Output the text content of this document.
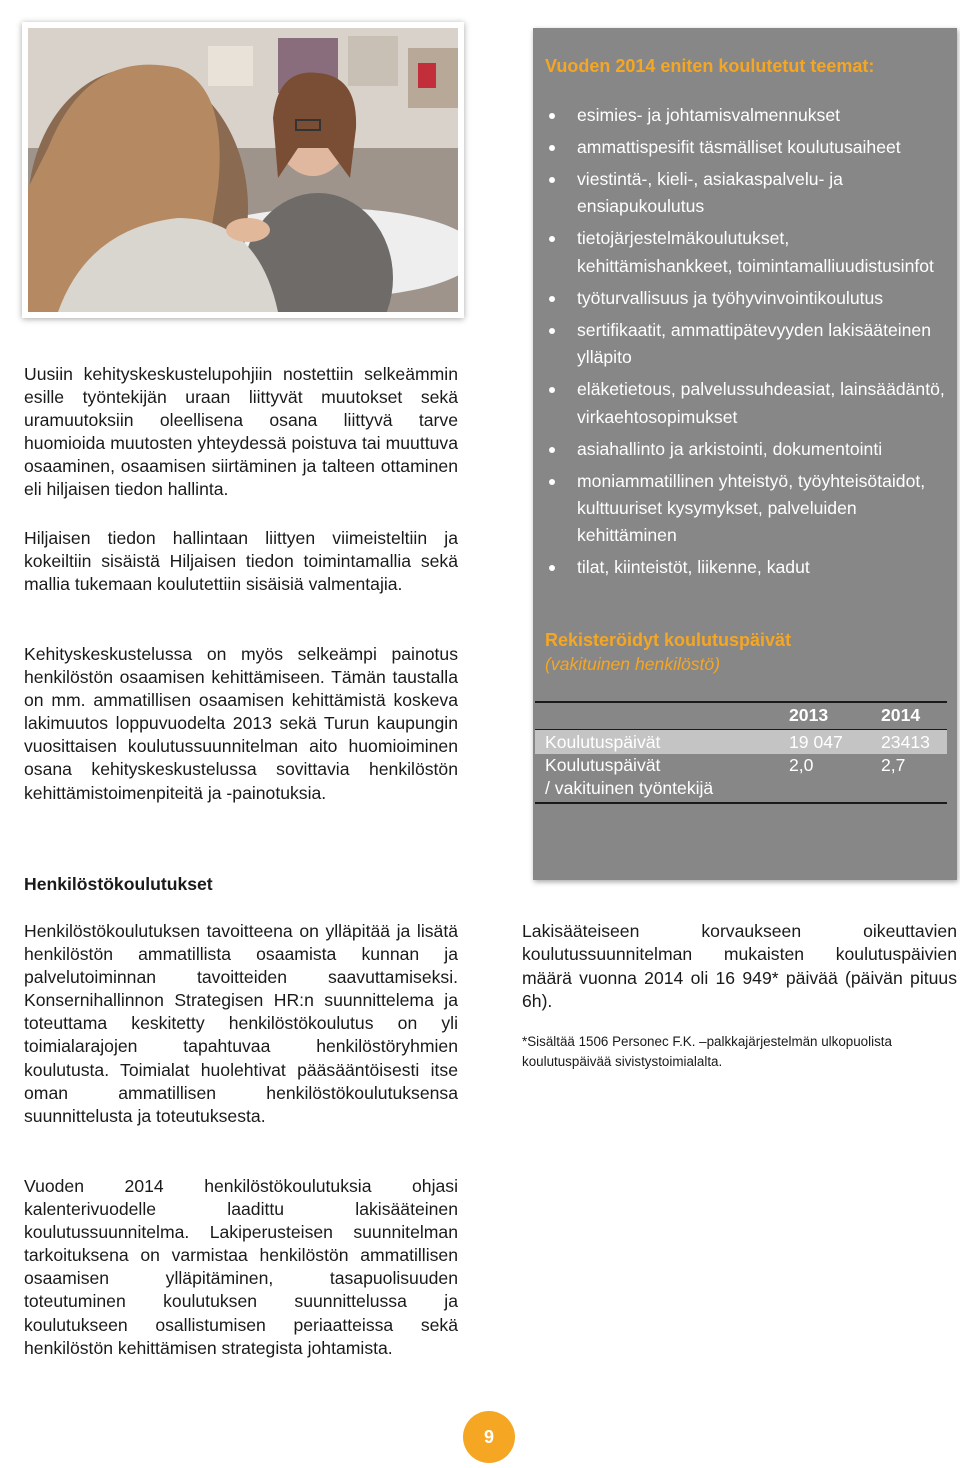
Uusiin kehityskeskustelupohjiin nostettiin selkeämmin esille työntekijän uraan liittyvät muutokset sekä uramuutoksiin oleellisena osana liittyvä tarve huomioida muutosten yhteydessä poistuva tai muuttuva osaaminen, osaamisen siirtäminen ja talteen ottaminen eli hiljaisen tiedon hallinta.

Hiljaisen tiedon hallintaan liittyen viimeisteltiin ja kokeiltiin sisäistä Hiljaisen tiedon toimintamallia sekä mallia tukemaan koulutettiin sisäisiä valmentajia.

Kehityskeskustelussa on myös selkeämpi painotus henkilöstön osaamisen kehittämiseen. Tämän taustalla on mm. ammatillisen osaamisen kehittämistä koskeva lakimuutos loppuvuodelta 2013 sekä Turun kaupungin vuosittaisen koulutussuunnitelman aito huomioiminen osana kehityskeskustelussa sovittavia henkilöstön kehittämistoimenpiteitä ja -painotuksia.

Henkilöstökoulutukset

Henkilöstökoulutuksen tavoitteena on ylläpitää ja lisätä henkilöstön ammatillista osaamista kunnan ja palvelutoiminnan tavoitteiden saavuttamiseksi. Konsernihallinnon Strategisen HR:n suunnittelema ja toteuttama keskitetty henkilöstökoulutus on yli toimialarajojen tapahtuvaa henkilöstöryhmien koulutusta. Toimialat huolehtivat pääsääntöisesti itse oman ammatillisen henkilöstökoulutuksensa suunnittelusta ja toteutuksesta.

Vuoden 2014 henkilöstökoulutuksia ohjasi kalenterivuodelle laadittu lakisääteinen koulutussuunnitelma. Lakiperusteisen suunnitelman tarkoituksena on varmistaa henkilöstön ammatillisen osaamisen ylläpitäminen, tasapuolisuuden toteutuminen koulutuksen suunnittelussa ja koulutukseen osallistumisen periaatteissa sekä henkilöstön kehittämisen strategista johtamista.

Vuoden 2014 eniten koulutetut teemat:
esimies- ja johtamisvalmennukset
ammattispesifit täsmälliset koulutusaiheet
viestintä-, kieli-, asiakaspalvelu- ja ensiapukoulutus
tietojärjestelmäkoulutukset, kehittämishankkeet, toimintamalliuudistusinfot
työturvallisuus ja työhyvinvointikoulutus
sertifikaatit, ammattipätevyyden lakisääteinen ylläpito
eläketietous, palvelussuhdeasiat, lainsäädäntö, virkaehtosopimukset
asiahallinto ja arkistointi, dokumentointi
moniammatillinen yhteistyö, työyhteisötaidot, kulttuuriset kysymykset, palveluiden kehittäminen
tilat, kiinteistöt, liikenne, kadut
Rekisteröidyt koulutuspäivät

(vakituinen henkilöstö)

	2013	2014
Koulutuspäivät	19 047	23413
Koulutuspäivät
/ vakituinen työntekijä	2,0	2,7

Lakisääteiseen korvaukseen oikeuttavien koulutussuunnitelman mukaisten koulutuspäivien määrä vuonna 2014 oli 16 949* päivää (päivän pituus 6h).

*Sisältää 1506 Personec F.K. –palkkajärjestelmän ulkopuolista koulutuspäivää sivistystoimialalta.

9
